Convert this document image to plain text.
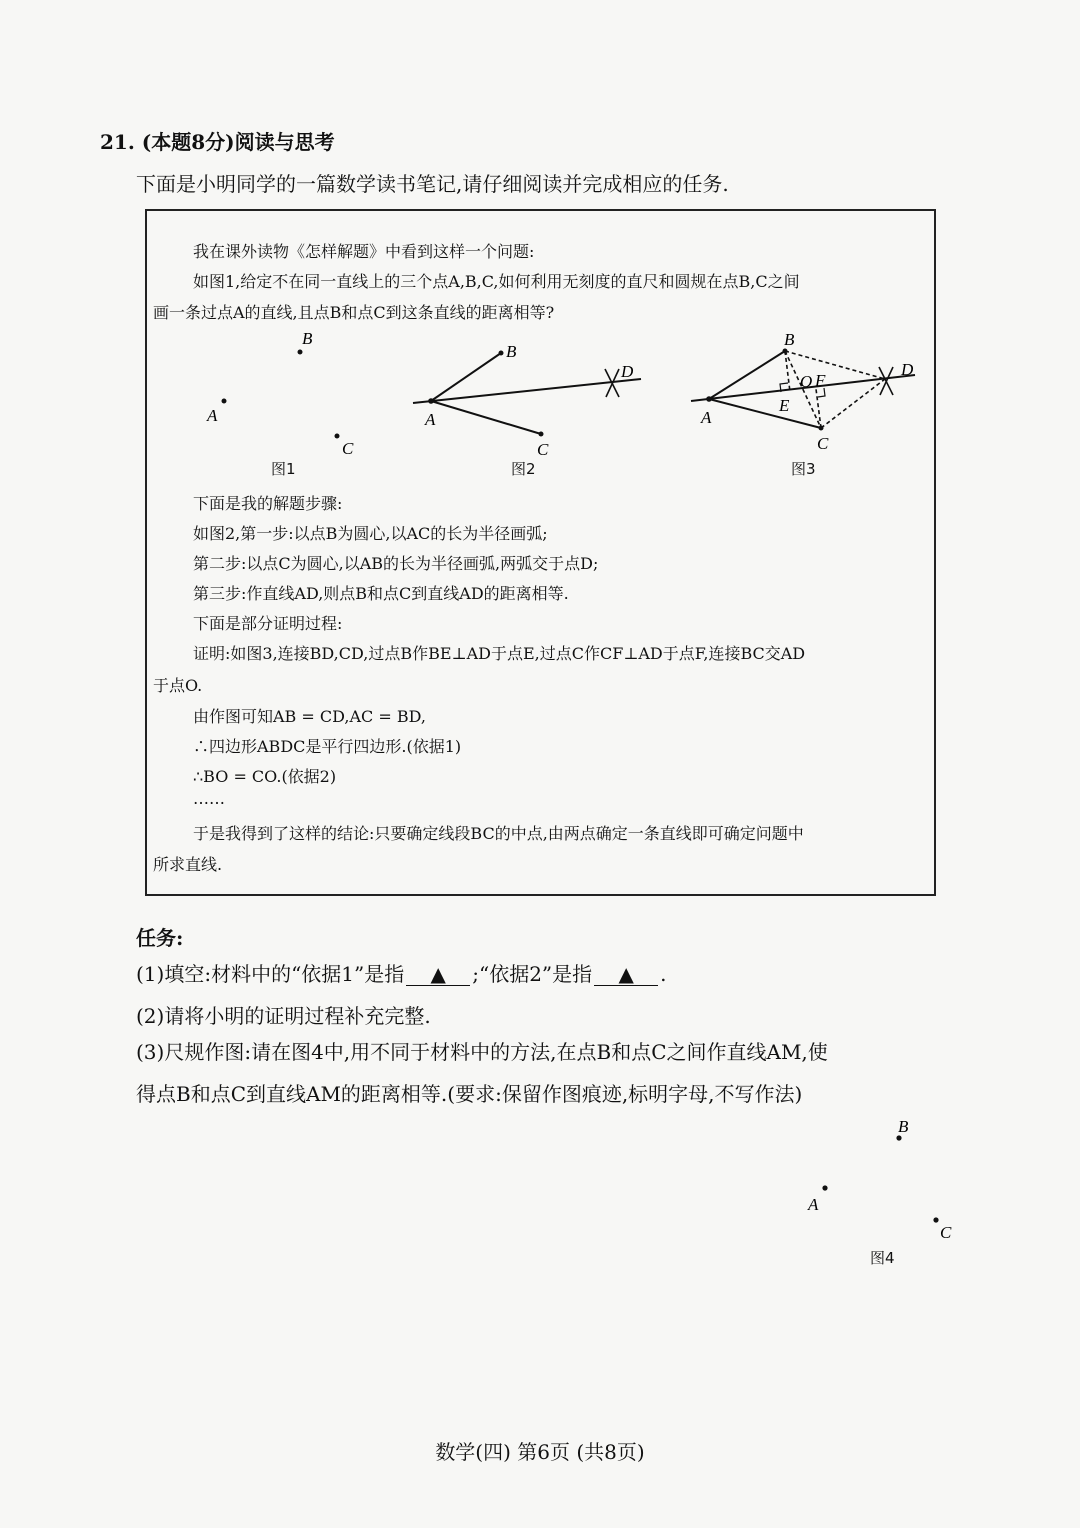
21. (本题8分)阅读与思考
下面是小明同学的一篇数学读书笔记,请仔细阅读并完成相应的任务.
我在课外读物《怎样解题》中看到这样一个问题:
如图1,给定不在同一直线上的三个点A,B,C,如何利用无刻度的直尺和圆规在点B,C之间
画一条过点A的直线,且点B和点C到这条直线的距离相等?
B
A
C
图1
A
B
C
D
图2
A
B
C
D
E
O F
图3
下面是我的解题步骤:
如图2,第一步:以点B为圆心,以AC的长为半径画弧;
第二步:以点C为圆心,以AB的长为半径画弧,两弧交于点D;
第三步:作直线AD,则点B和点C到直线AD的距离相等.
下面是部分证明过程:
证明:如图3,连接BD,CD,过点B作BE⊥AD于点E,过点C作CF⊥AD于点F,连接BC交AD
于点O.
由作图可知AB = CD,AC = BD,
∴四边形ABDC是平行四边形.(依据1)
∴BO = CO.(依据2)
……
于是我得到了这样的结论:只要确定线段BC的中点,由两点确定一条直线即可确定问题中
所求直线.
任务:
(1)填空:材料中的“依据1”是指 ▲ ;“依据2”是指 ▲ .
(2)请将小明的证明过程补充完整.
(3)尺规作图:请在图4中,用不同于材料中的方法,在点B和点C之间作直线AM,使
得点B和点C到直线AM的距离相等.(要求:保留作图痕迹,标明字母,不写作法)
B
A
C
图4
数学(四) 第6页 (共8页)
